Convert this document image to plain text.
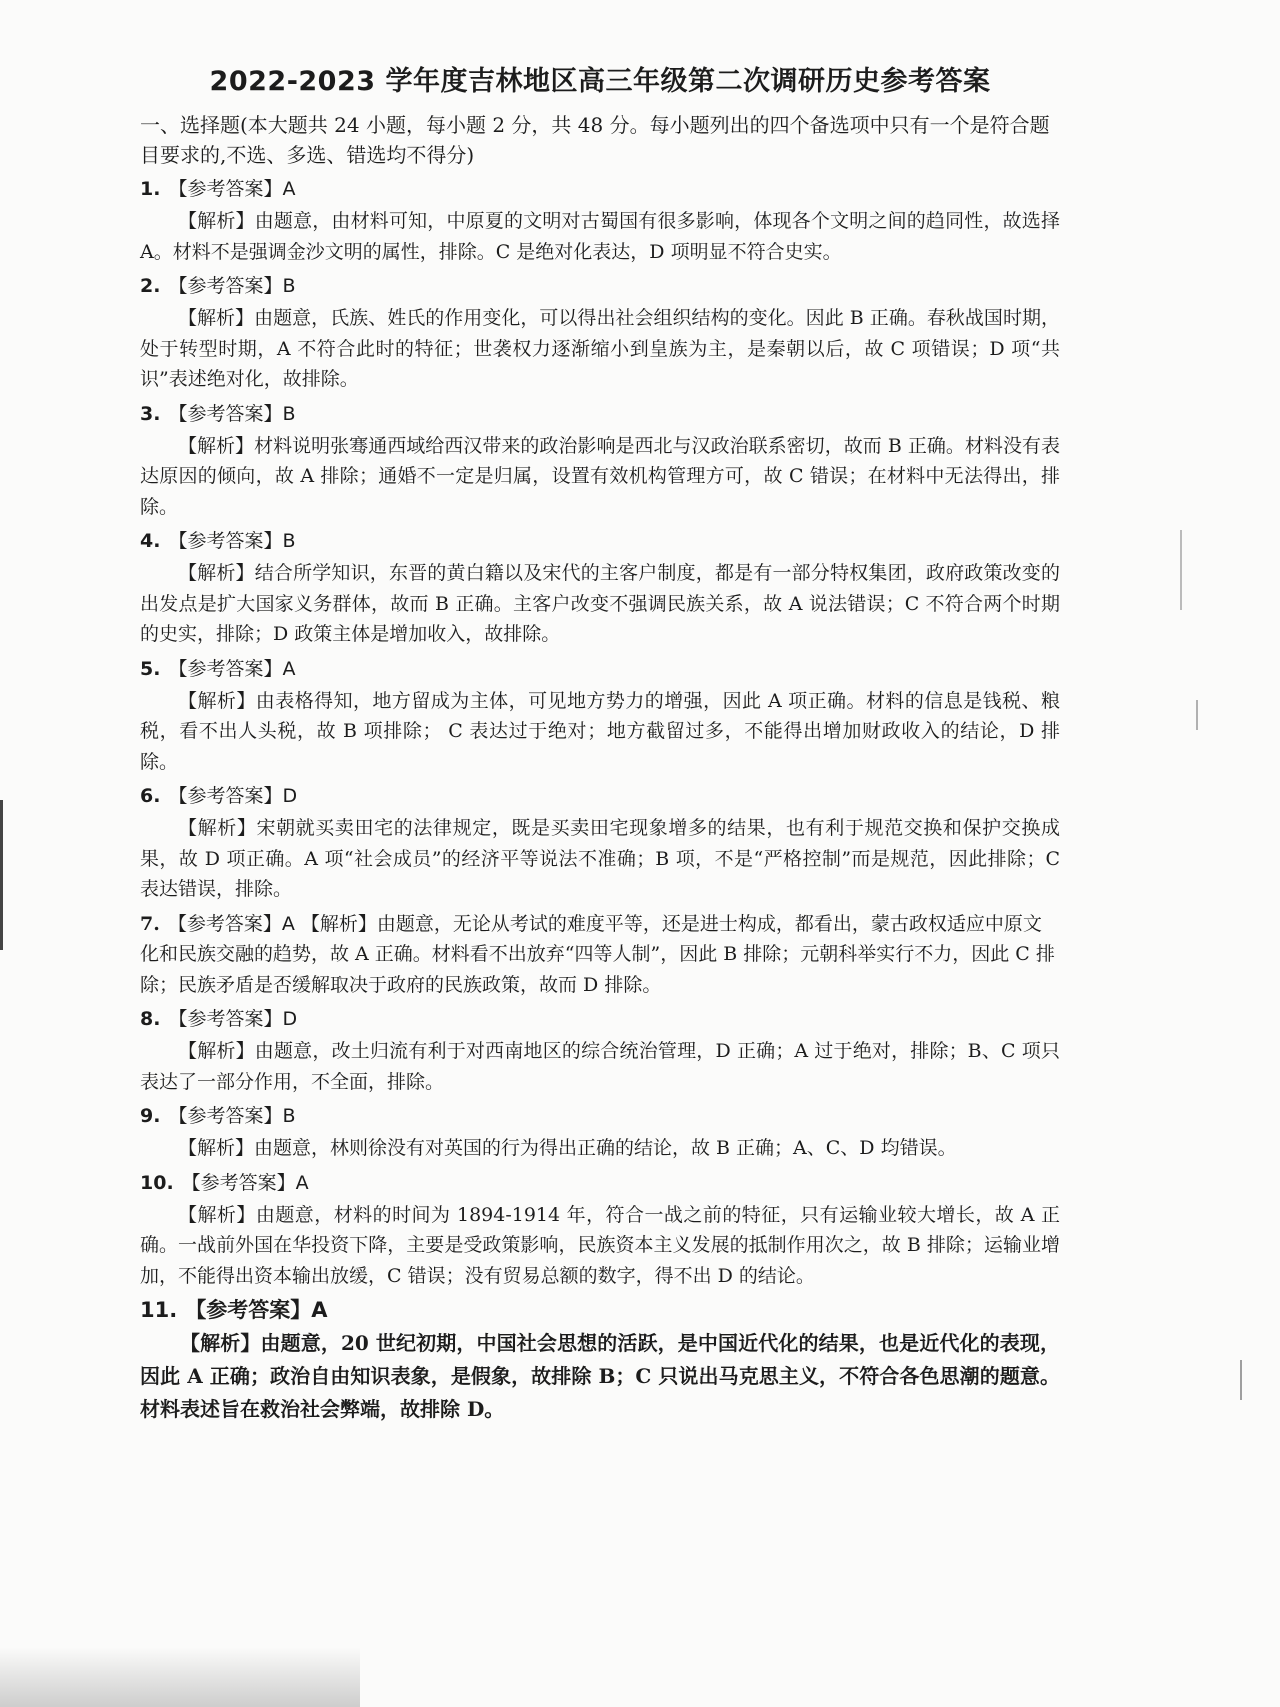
2022-2023 学年度吉林地区高三年级第二次调研历史参考答案

一、选择题(本大题共 24 小题，每小题 2 分，共 48 分。每小题列出的四个备选项中只有一个是符合题目要求的,不选、多选、错选均不得分)

1. 【参考答案】A

【解析】由题意，由材料可知，中原夏的文明对古蜀国有很多影响，体现各个文明之间的趋同性，故选择 A。材料不是强调金沙文明的属性，排除。C 是绝对化表达，D 项明显不符合史实。

2. 【参考答案】B

【解析】由题意，氏族、姓氏的作用变化，可以得出社会组织结构的变化。因此 B 正确。春秋战国时期，处于转型时期，A 不符合此时的特征；世袭权力逐渐缩小到皇族为主，是秦朝以后，故 C 项错误；D 项“共识”表述绝对化，故排除。

3. 【参考答案】B

【解析】材料说明张骞通西域给西汉带来的政治影响是西北与汉政治联系密切，故而 B 正确。材料没有表达原因的倾向，故 A 排除；通婚不一定是归属，设置有效机构管理方可，故 C 错误；在材料中无法得出，排除。

4. 【参考答案】B

【解析】结合所学知识，东晋的黄白籍以及宋代的主客户制度，都是有一部分特权集团，政府政策改变的出发点是扩大国家义务群体，故而 B 正确。主客户改变不强调民族关系，故 A 说法错误；C 不符合两个时期的史实，排除；D 政策主体是增加收入，故排除。

5. 【参考答案】A

【解析】由表格得知，地方留成为主体，可见地方势力的增强，因此 A 项正确。材料的信息是钱税、粮税，看不出人头税，故 B 项排除； C 表达过于绝对；地方截留过多，不能得出增加财政收入的结论，D 排除。

6. 【参考答案】D

【解析】宋朝就买卖田宅的法律规定，既是买卖田宅现象增多的结果，也有利于规范交换和保护交换成果，故 D 项正确。A 项“社会成员”的经济平等说法不准确；B 项，不是“严格控制”而是规范，因此排除；C 表达错误，排除。

7. 【参考答案】A 【解析】由题意，无论从考试的难度平等，还是进士构成，都看出，蒙古政权适应中原文化和民族交融的趋势，故 A 正确。材料看不出放弃“四等人制”，因此 B 排除；元朝科举实行不力，因此 C 排除；民族矛盾是否缓解取决于政府的民族政策，故而 D 排除。

8. 【参考答案】D

【解析】由题意，改土归流有利于对西南地区的综合统治管理，D 正确；A 过于绝对，排除；B、C 项只表达了一部分作用，不全面，排除。

9. 【参考答案】B

【解析】由题意，林则徐没有对英国的行为得出正确的结论，故 B 正确；A、C、D 均错误。

10. 【参考答案】A

【解析】由题意，材料的时间为 1894-1914 年，符合一战之前的特征，只有运输业较大增长，故 A 正确。一战前外国在华投资下降，主要是受政策影响，民族资本主义发展的抵制作用次之，故 B 排除；运输业增加，不能得出资本输出放缓，C 错误；没有贸易总额的数字，得不出 D 的结论。

11. 【参考答案】A

【解析】由题意，20 世纪初期，中国社会思想的活跃，是中国近代化的结果，也是近代化的表现，因此 A 正确；政治自由知识表象，是假象，故排除 B；C 只说出马克思主义，不符合各色思潮的题意。材料表述旨在救治社会弊端，故排除 D。
